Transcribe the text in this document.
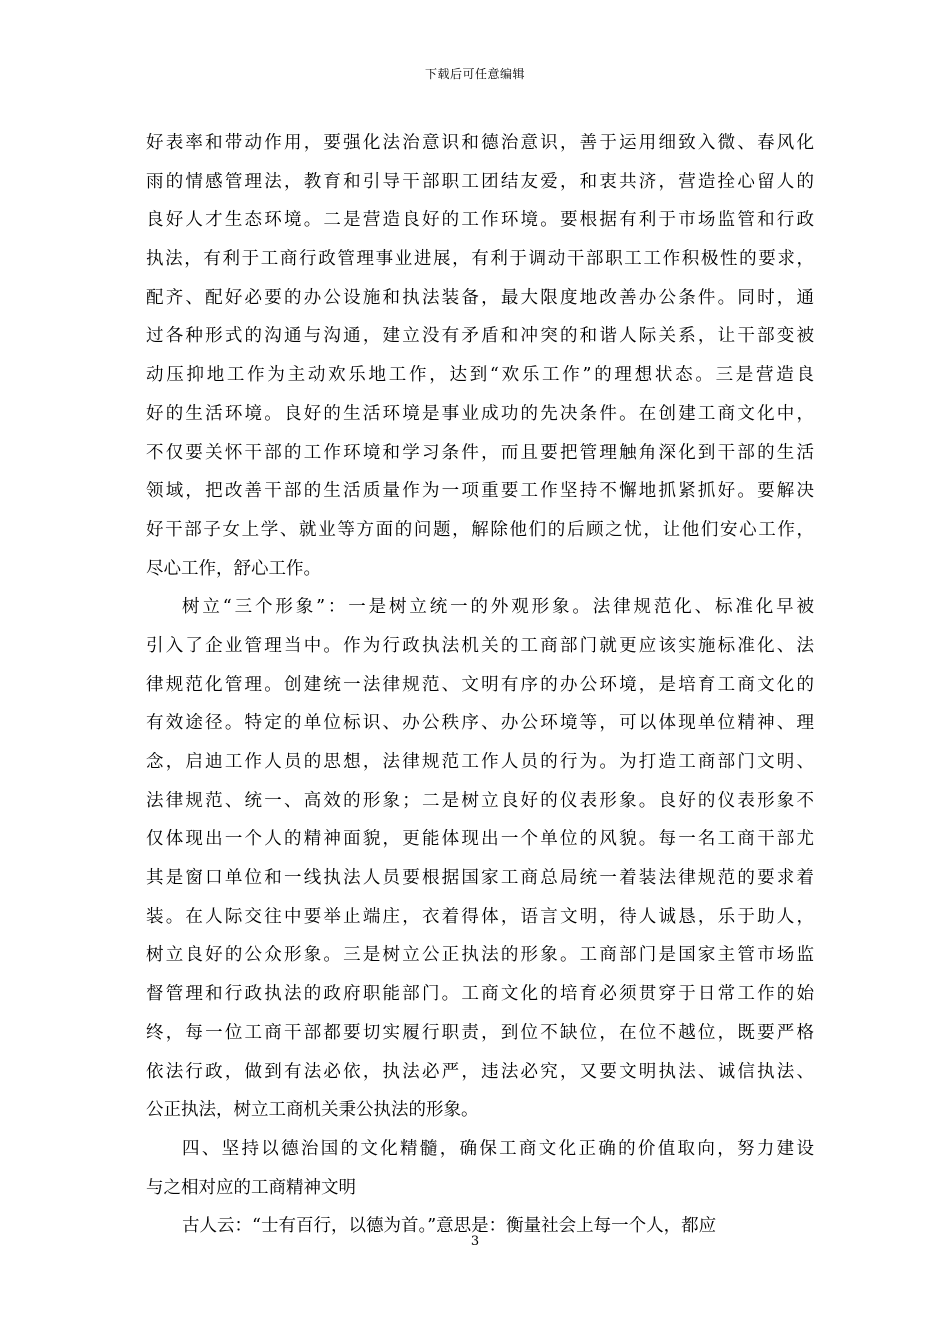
下载后可任意编辑
好表率和带动作用，要强化法治意识和德治意识，善于运用细致入微、春风化
雨的情感管理法，教育和引导干部职工团结友爱，和衷共济，营造拴心留人的
良好人才生态环境。二是营造良好的工作环境。要根据有利于市场监管和行政
执法，有利于工商行政管理事业进展，有利于调动干部职工工作积极性的要求，
配齐、配好必要的办公设施和执法装备，最大限度地改善办公条件。同时，通
过各种形式的沟通与沟通，建立没有矛盾和冲突的和谐人际关系，让干部变被
动压抑地工作为主动欢乐地工作，达到“欢乐工作”的理想状态。三是营造良
好的生活环境。良好的生活环境是事业成功的先决条件。在创建工商文化中，
不仅要关怀干部的工作环境和学习条件，而且要把管理触角深化到干部的生活
领域，把改善干部的生活质量作为一项重要工作坚持不懈地抓紧抓好。要解决
好干部子女上学、就业等方面的问题，解除他们的后顾之忧，让他们安心工作，
尽心工作，舒心工作。
树立“三个形象”：一是树立统一的外观形象。法律规范化、标准化早被
引入了企业管理当中。作为行政执法机关的工商部门就更应该实施标准化、法
律规范化管理。创建统一法律规范、文明有序的办公环境，是培育工商文化的
有效途径。特定的单位标识、办公秩序、办公环境等，可以体现单位精神、理
念，启迪工作人员的思想，法律规范工作人员的行为。为打造工商部门文明、
法律规范、统一、高效的形象；二是树立良好的仪表形象。良好的仪表形象不
仅体现出一个人的精神面貌，更能体现出一个单位的风貌。每一名工商干部尤
其是窗口单位和一线执法人员要根据国家工商总局统一着装法律规范的要求着
装。在人际交往中要举止端庄，衣着得体，语言文明，待人诚恳，乐于助人，
树立良好的公众形象。三是树立公正执法的形象。工商部门是国家主管市场监
督管理和行政执法的政府职能部门。工商文化的培育必须贯穿于日常工作的始
终，每一位工商干部都要切实履行职责，到位不缺位，在位不越位，既要严格
依法行政，做到有法必依，执法必严，违法必究，又要文明执法、诚信执法、
公正执法，树立工商机关秉公执法的形象。
四、坚持以德治国的文化精髓，确保工商文化正确的价值取向，努力建设
与之相对应的工商精神文明
古人云：“士有百行，以德为首。”意思是：衡量社会上每一个人，都应
3
